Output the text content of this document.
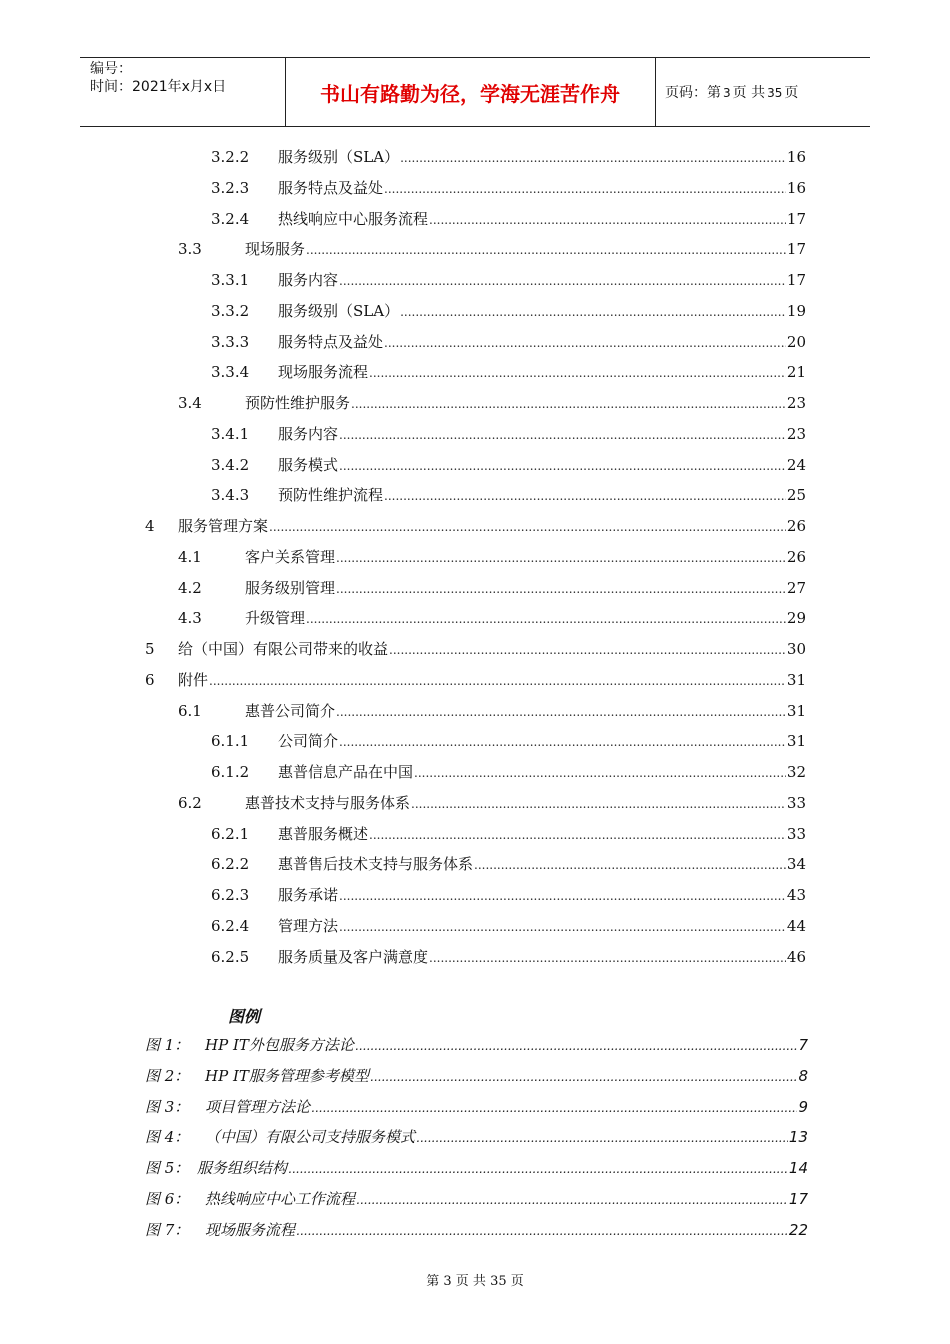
编号：
时间：2021年x月x日	书山有路勤为径，学海无涯苦作舟	页码：第 3 页 共 35 页
3.2.2	服务级别（SLA） .....	16
3.2.3	服务特点及益处 .....	16
3.2.4	热线响应中心服务流程 .....	17
3.3	现场服务 .....	17
3.3.1	服务内容 .....	17
3.3.2	服务级别（SLA） .....	19
3.3.3	服务特点及益处 .....	20
3.3.4	现场服务流程 .....	21
3.4	预防性维护服务 .....	23
3.4.1	服务内容 .....	23
3.4.2	服务模式 .....	24
3.4.3	预防性维护流程 .....	25
4	服务管理方案 .....	26
4.1	客户关系管理 .....	26
4.2	服务级别管理 .....	27
4.3	升级管理 .....	29
5	给（中国）有限公司带来的收益 .....	30
6	附件 .....	31
6.1	惠普公司简介 .....	31
6.1.1	公司简介 .....	31
6.1.2	惠普信息产品在中国 .....	32
6.2	惠普技术支持与服务体系 .....	33
6.2.1	惠普服务概述 .....	33
6.2.2	惠普售后技术支持与服务体系 .....	34
6.2.3	服务承诺 .....	43
6.2.4	管理方法 .....	44
6.2.5	服务质量及客户满意度 .....	46
图例
图 1：	HP IT外包服务方法论 .....	7
图 2：	HP IT服务管理参考模型 .....	8
图 3：	项目管理方法论 .....	9
图 4：	（中国）有限公司支持服务模式 .....	13
图 5： 服务组织结构 .....	14
图 6：	热线响应中心工作流程 .....	17
图 7：	现场服务流程 .....	22
第 3 页 共 35 页
